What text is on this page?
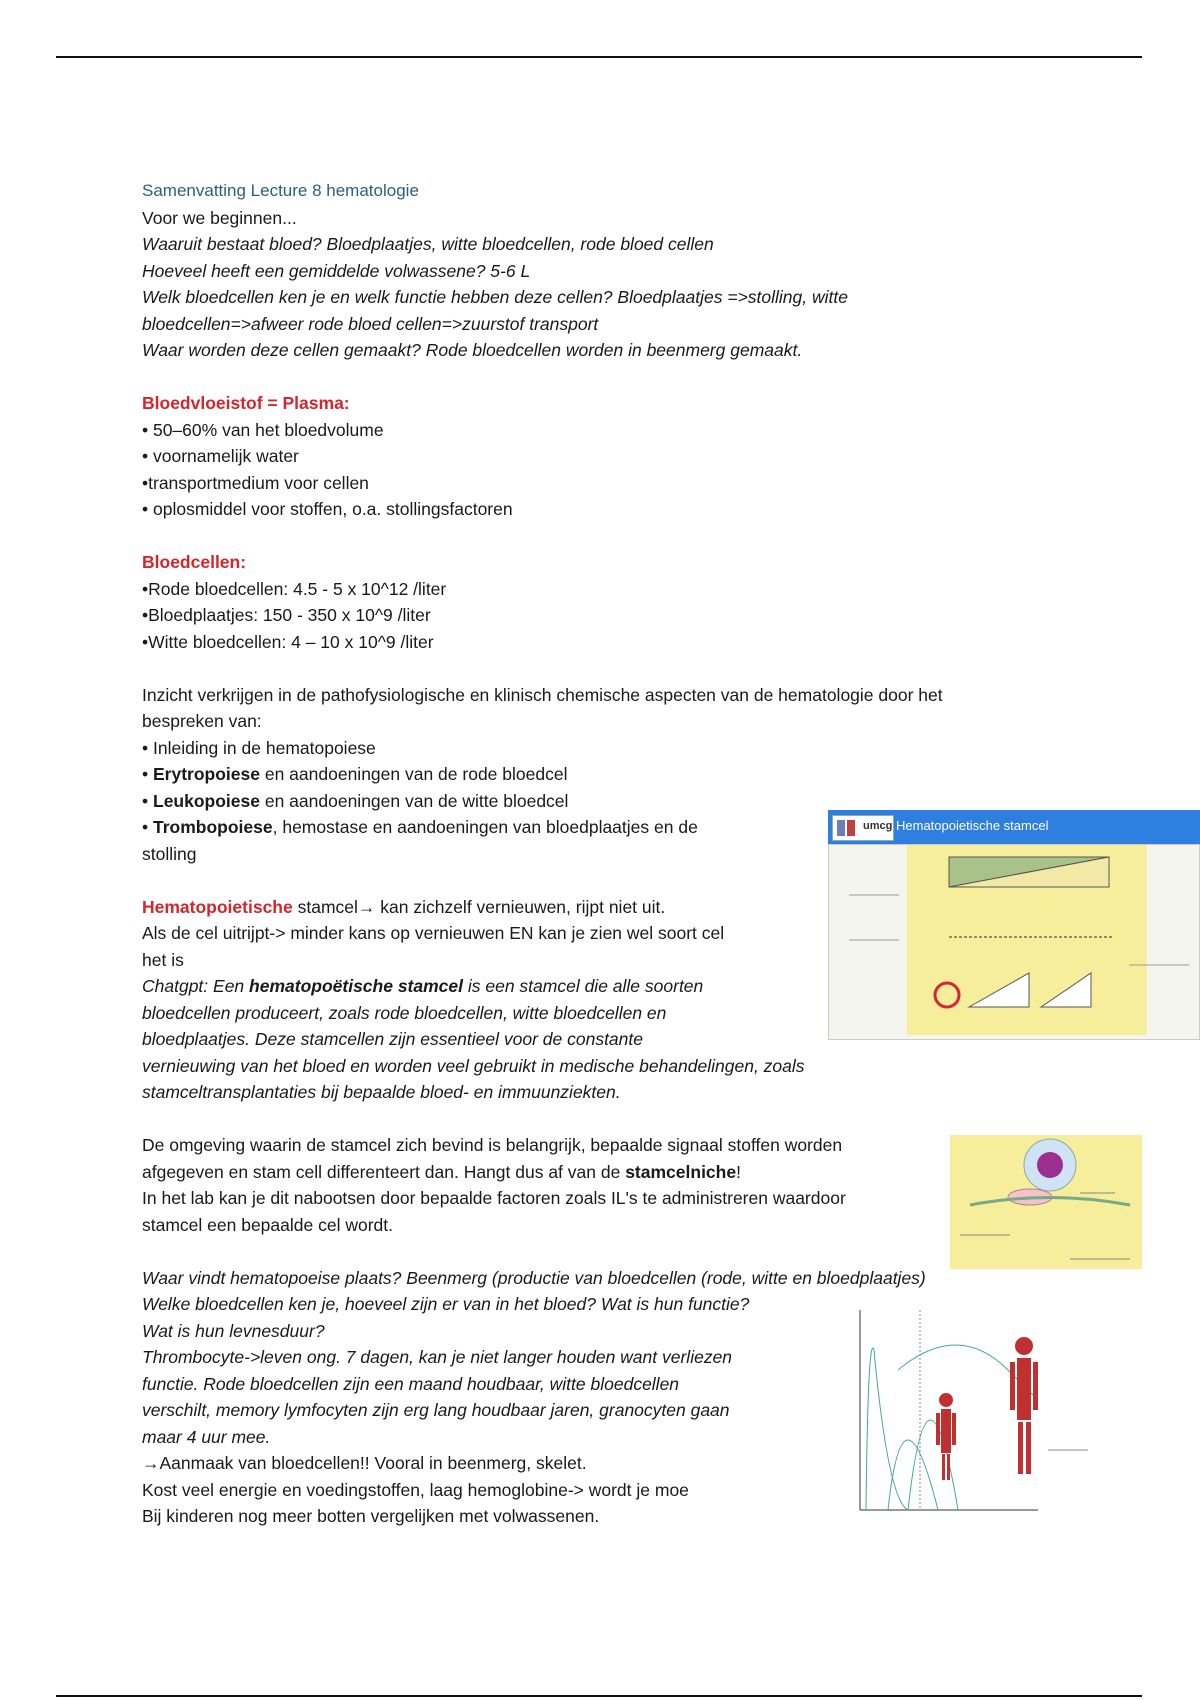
Samenvatting Lecture 8 hematologie
Voor we beginnen...
Waaruit bestaat bloed? Bloedplaatjes, witte bloedcellen, rode bloed cellen
Hoeveel heeft een gemiddelde volwassene? 5-6 L
Welk bloedcellen ken je en welk functie hebben deze cellen? Bloedplaatjes =>stolling, witte
bloedcellen=>afweer rode bloed cellen=>zuurstof transport
Waar worden deze cellen gemaakt? Rode bloedcellen worden in beenmerg gemaakt.
Bloedvloeistof = Plasma:
• 50–60% van het bloedvolume
• voornamelijk water
•transportmedium voor cellen
• oplosmiddel voor stoffen, o.a. stollingsfactoren
Bloedcellen:
•Rode bloedcellen: 4.5 - 5 x 10^12 /liter
•Bloedplaatjes: 150 - 350 x 10^9 /liter
•Witte bloedcellen: 4 – 10 x 10^9 /liter
Inzicht verkrijgen in de pathofysiologische en klinisch chemische aspecten van de hematologie door het
bespreken van:
• Inleiding in de hematopoiese
• Erytropoiese en aandoeningen van de rode bloedcel
• Leukopoiese en aandoeningen van de witte bloedcel
• Trombopoiese, hemostase en aandoeningen van bloedplaatjes en de
stolling
Hematopoietische stamcel→ kan zichzelf vernieuwen, rijpt niet uit.
Als de cel uitrijpt-> minder kans op vernieuwen EN kan je zien wel soort cel
het is
Chatgpt: Een hematopoëtische stamcel is een stamcel die alle soorten
bloedcellen produceert, zoals rode bloedcellen, witte bloedcellen en
bloedplaatjes. Deze stamcellen zijn essentieel voor de constante
vernieuwing van het bloed en worden veel gebruikt in medische behandelingen, zoals
stamceltransplantaties bij bepaalde bloed- en immuunziekten.
De omgeving waarin de stamcel zich bevind is belangrijk, bepaalde signaal stoffen worden
afgegeven en stam cell differenteert dan. Hangt dus af van de stamcelniche!
In het lab kan je dit nabootsen door bepaalde factoren zoals IL's te administreren waardoor
stamcel een bepaalde cel wordt.
Waar vindt hematopoeise plaats? Beenmerg (productie van bloedcellen (rode, witte en bloedplaatjes)
Welke bloedcellen ken je, hoeveel zijn er van in het bloed? Wat is hun functie?
Wat is hun levnesduur?
Thrombocyte->leven ong. 7 dagen, kan je niet langer houden want verliezen
functie. Rode bloedcellen zijn een maand houdbaar, witte bloedcellen
verschilt, memory lymfocyten zijn erg lang houdbaar jaren, granocyten gaan
maar 4 uur mee.
→Aanmaak van bloedcellen!! Vooral in beenmerg, skelet.
Kost veel energie en voedingstoffen, laag hemoglobine-> wordt je moe
Bij kinderen nog meer botten vergelijken met volwassenen.
umcg Hematopoietische stamcel
